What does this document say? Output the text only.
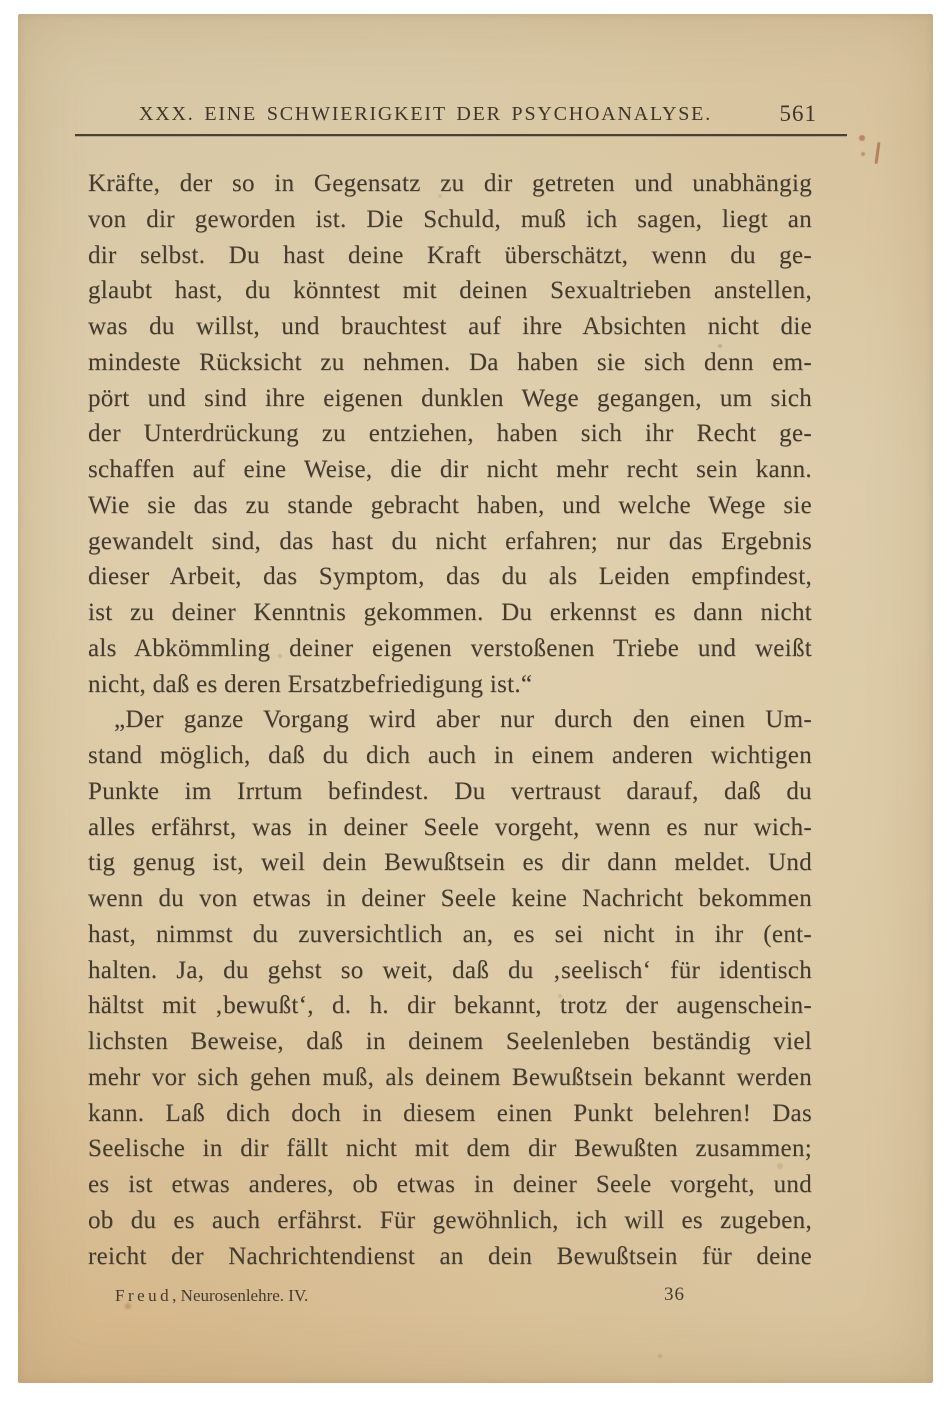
XXX. EINE SCHWIERIGKEIT DER PSYCHOANALYSE.	561
Kräfte, der so in Gegensatz zu dir getreten und unabhängig
von dir geworden ist. Die Schuld, muß ich sagen, liegt an
dir selbst. Du hast deine Kraft überschätzt, wenn du ge-
glaubt hast, du könntest mit deinen Sexualtrieben anstellen,
was du willst, und brauchtest auf ihre Absichten nicht die
mindeste Rücksicht zu nehmen. Da haben sie sich denn em-
pört und sind ihre eigenen dunklen Wege gegangen, um sich
der Unterdrückung zu entziehen, haben sich ihr Recht ge-
schaffen auf eine Weise, die dir nicht mehr recht sein kann.
Wie sie das zu stande gebracht haben, und welche Wege sie
gewandelt sind, das hast du nicht erfahren; nur das Ergebnis
dieser Arbeit, das Symptom, das du als Leiden empfindest,
ist zu deiner Kenntnis gekommen. Du erkennst es dann nicht
als Abkömmling deiner eigenen verstoßenen Triebe und weißt
nicht, daß es deren Ersatzbefriedigung ist.“
„Der ganze Vorgang wird aber nur durch den einen Um-
stand möglich, daß du dich auch in einem anderen wichtigen
Punkte im Irrtum befindest. Du vertraust darauf, daß du
alles erfährst, was in deiner Seele vorgeht, wenn es nur wich-
tig genug ist, weil dein Bewußtsein es dir dann meldet. Und
wenn du von etwas in deiner Seele keine Nachricht bekommen
hast, nimmst du zuversichtlich an, es sei nicht in ihr (ent-
halten. Ja, du gehst so weit, daß du ‚seelisch‘ für identisch
hältst mit ‚bewußt‘, d. h. dir bekannt, trotz der augenschein-
lichsten Beweise, daß in deinem Seelenleben beständig viel
mehr vor sich gehen muß, als deinem Bewußtsein bekannt werden
kann. Laß dich doch in diesem einen Punkt belehren! Das
Seelische in dir fällt nicht mit dem dir Bewußten zusammen;
es ist etwas anderes, ob etwas in deiner Seele vorgeht, und
ob du es auch erfährst. Für gewöhnlich, ich will es zugeben,
reicht der Nachrichtendienst an dein Bewußtsein für deine
Freud, Neurosenlehre. IV.	36
